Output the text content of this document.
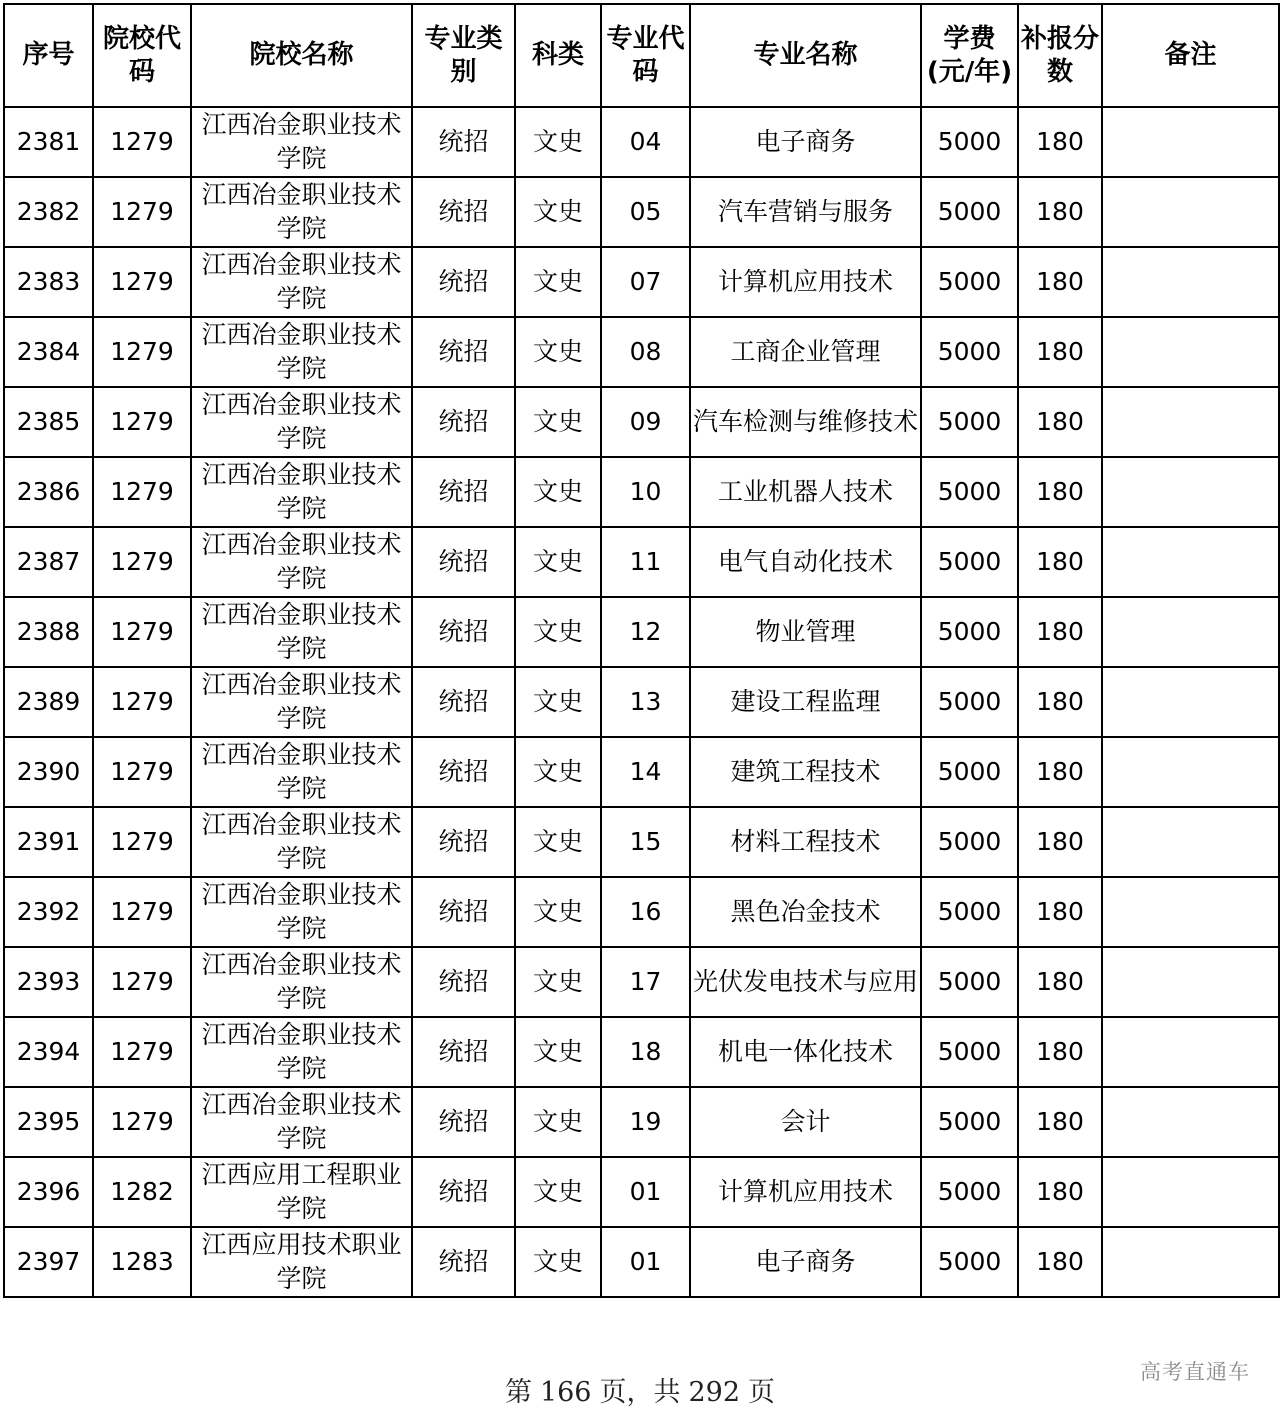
序号	院校代码	院校名称	专业类别	科类	专业代码	专业名称	学费(元/年)	补报分数	备注
2381	1279	江西冶金职业技术学院	统招	文史	04	电子商务	5000	180	
2382	1279	江西冶金职业技术学院	统招	文史	05	汽车营销与服务	5000	180	
2383	1279	江西冶金职业技术学院	统招	文史	07	计算机应用技术	5000	180	
2384	1279	江西冶金职业技术学院	统招	文史	08	工商企业管理	5000	180	
2385	1279	江西冶金职业技术学院	统招	文史	09	汽车检测与维修技术	5000	180	
2386	1279	江西冶金职业技术学院	统招	文史	10	工业机器人技术	5000	180	
2387	1279	江西冶金职业技术学院	统招	文史	11	电气自动化技术	5000	180	
2388	1279	江西冶金职业技术学院	统招	文史	12	物业管理	5000	180	
2389	1279	江西冶金职业技术学院	统招	文史	13	建设工程监理	5000	180	
2390	1279	江西冶金职业技术学院	统招	文史	14	建筑工程技术	5000	180	
2391	1279	江西冶金职业技术学院	统招	文史	15	材料工程技术	5000	180	
2392	1279	江西冶金职业技术学院	统招	文史	16	黑色冶金技术	5000	180	
2393	1279	江西冶金职业技术学院	统招	文史	17	光伏发电技术与应用	5000	180	
2394	1279	江西冶金职业技术学院	统招	文史	18	机电一体化技术	5000	180	
2395	1279	江西冶金职业技术学院	统招	文史	19	会计	5000	180	
2396	1282	江西应用工程职业学院	统招	文史	01	计算机应用技术	5000	180	
2397	1283	江西应用技术职业学院	统招	文史	01	电子商务	5000	180	
第 166 页，共 292 页
高考直通车
